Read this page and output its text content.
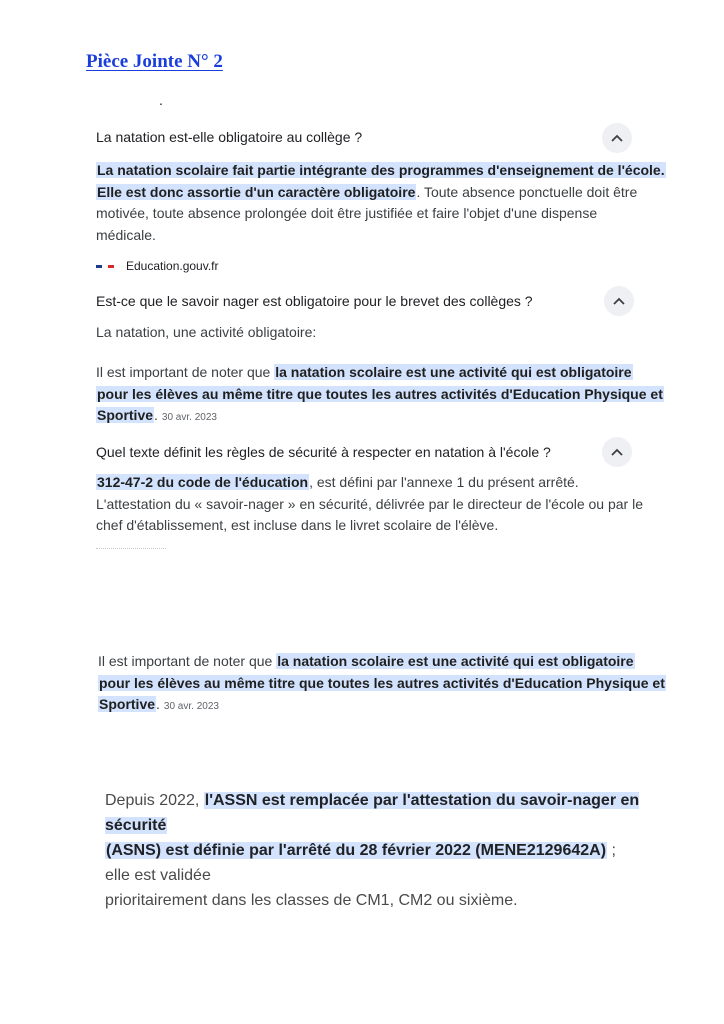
Pièce Jointe N° 2
.
La natation est-elle obligatoire au collège ?
La natation scolaire fait partie intégrante des programmes d'enseignement de l'école.
Elle est donc assortie d'un caractère obligatoire. Toute absence ponctuelle doit être
motivée, toute absence prolongée doit être justifiée et faire l'objet d'une dispense
médicale.
Education.gouv.fr
Est-ce que le savoir nager est obligatoire pour le brevet des collèges ?
La natation, une activité obligatoire:
Il est important de noter que la natation scolaire est une activité qui est obligatoire
pour les élèves au même titre que toutes les autres activités d'Education Physique et
Sportive. 30 avr. 2023
Quel texte définit les règles de sécurité à respecter en natation à l'école ?
312-47-2 du code de l'éducation, est défini par l'annexe 1 du présent arrêté.
L'attestation du « savoir-nager » en sécurité, délivrée par le directeur de l'école ou par le
chef d'établissement, est incluse dans le livret scolaire de l'élève.
Il est important de noter que la natation scolaire est une activité qui est obligatoire
pour les élèves au même titre que toutes les autres activités d'Education Physique et
Sportive. 30 avr. 2023
Depuis 2022, l'ASSN est remplacée par l'attestation du savoir-nager en sécurité
(ASNS) est définie par l'arrêté du 28 février 2022 (MENE2129642A) ; elle est validée
prioritairement dans les classes de CM1, CM2 ou sixième.
